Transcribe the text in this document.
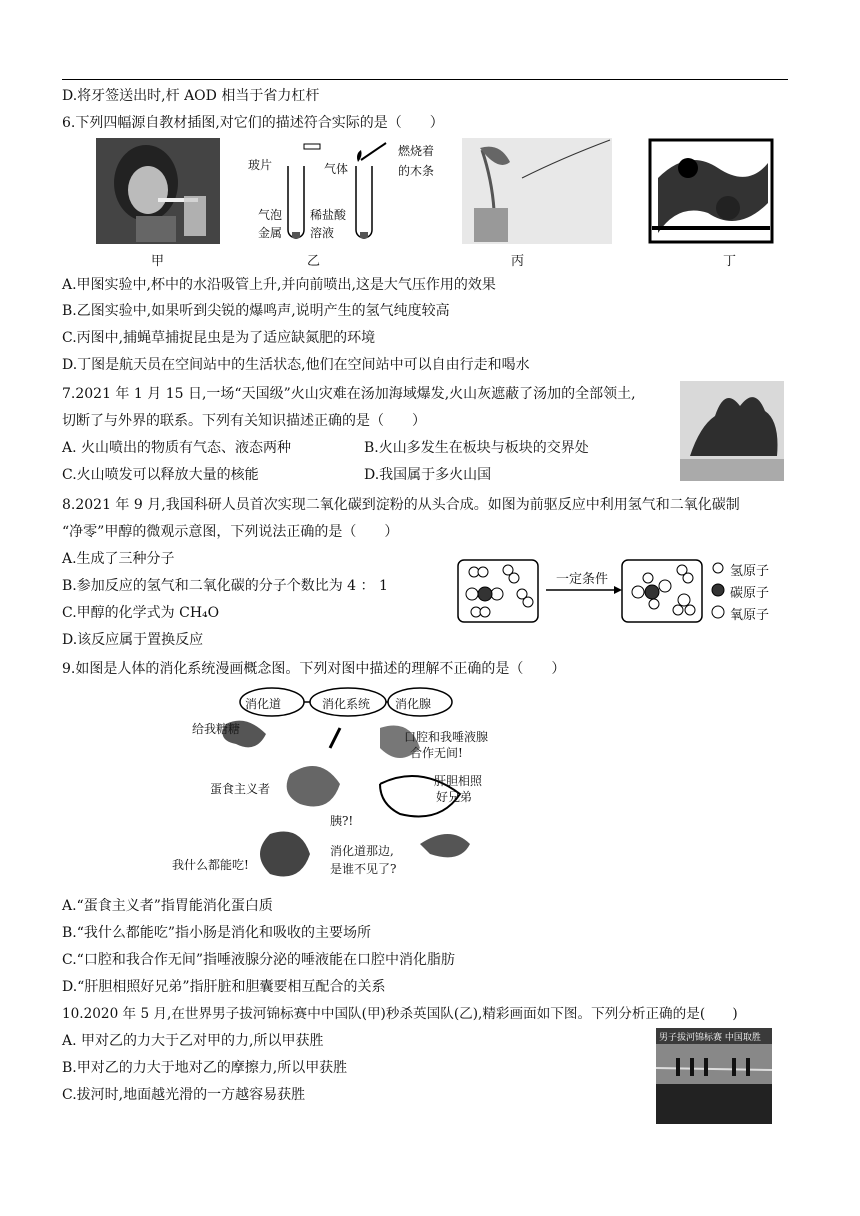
D.将牙签送出时,杆 AOD 相当于省力杠杆
6.下列四幅源自教材插图,对它们的描述符合实际的是（　　）
玻片	气体
燃烧着
的木条
气泡
金属
稀盐酸
溶液
甲	乙	丙	丁
A.甲图实验中,杯中的水沿吸管上升,并向前喷出,这是大气压作用的效果
B.乙图实验中,如果听到尖锐的爆鸣声,说明产生的氢气纯度较高
C.丙图中,捕蝇草捕捉昆虫是为了适应缺氮肥的环境
D.丁图是航天员在空间站中的生活状态,他们在空间站中可以自由行走和喝水
7.2021 年 1 月 15 日,一场“天国级”火山灾难在汤加海域爆发,火山灰遮蔽了汤加的全部领土,
切断了与外界的联系。下列有关知识描述正确的是（　　）
A. 火山喷出的物质有气态、液态两种	B.火山多发生在板块与板块的交界处
C.火山喷发可以释放大量的核能	D.我国属于多火山国
8.2021 年 9 月,我国科研人员首次实现二氧化碳到淀粉的从头合成。如图为前驱反应中利用氢气和二氧化碳制
“净零”甲醇的微观示意图，下列说法正确的是（　　）
A.生成了三种分子
B.参加反应的氢气和二氧化碳的分子个数比为 4 ： 1
C.甲醇的化学式为 CH₄O
D.该反应属于置换反应
一定条件
氢原子
碳原子
氧原子
9.如图是人体的消化系统漫画概念图。下列对图中描述的理解不正确的是（　　）
消化道	消化系统 消化腺
给我糖糖
口腔和我唾液腺
合作无间!
蛋食主义者
肝胆相照
好兄弟
胰?!
我什么都能吃!
消化道那边,
是谁不见了?
A.“蛋食主义者”指胃能消化蛋白质
B.“我什么都能吃”指小肠是消化和吸收的主要场所
C.“口腔和我合作无间”指唾液腺分泌的唾液能在口腔中消化脂肪
D.“肝胆相照好兄弟”指肝脏和胆囊要相互配合的关系
10.2020 年 5 月,在世界男子拔河锦标赛中中国队(甲)秒杀英国队(乙),精彩画面如下图。下列分析正确的是(　　)
A. 甲对乙的力大于乙对甲的力,所以甲获胜
B.甲对乙的力大于地对乙的摩擦力,所以甲获胜
C.拔河时,地面越光滑的一方越容易获胜
男子拔河锦标赛 中国取胜
